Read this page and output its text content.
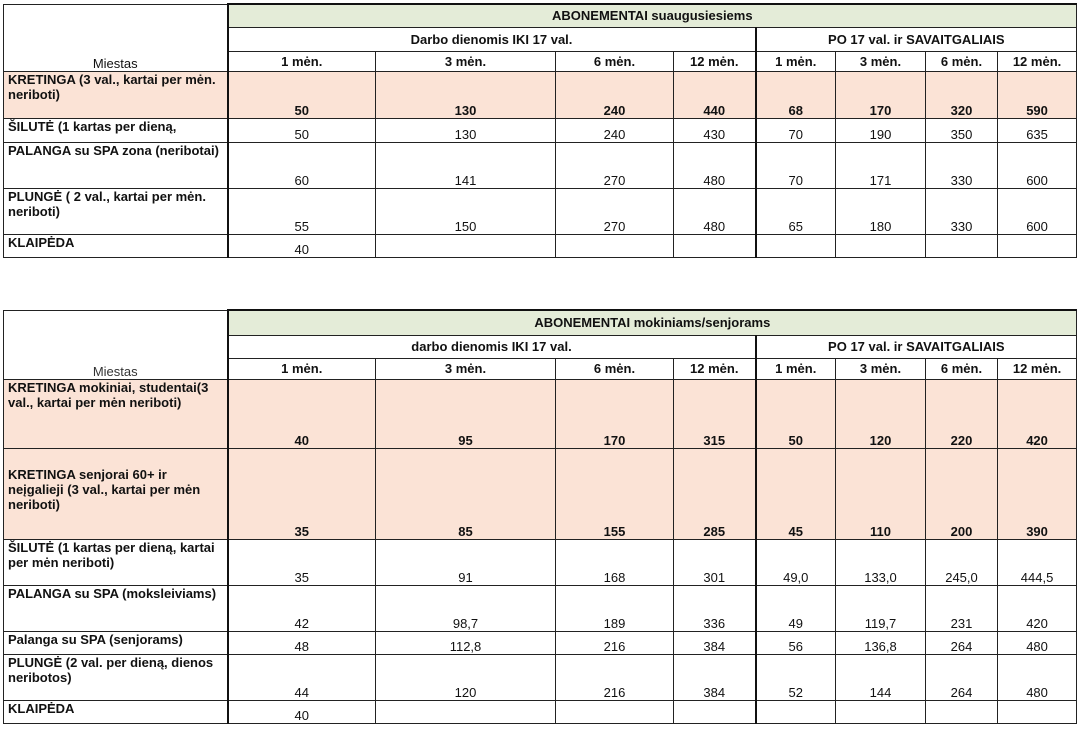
Miestas	ABONEMENTAI suaugusiesiems							
	Darbo dienomis IKI 17 val.				PO 17 val. ir SAVAITGALIAIS			
	1 mėn.	3 mėn.	6 mėn.	12 mėn.	1 mėn.	3 mėn.	6 mėn.	12 mėn.
KRETINGA (3 val., kartai per mėn. neriboti)	50	130	240	440	68	170	320	590
ŠILUTĖ (1 kartas per dieną,	50	130	240	430	70	190	350	635
PALANGA su SPA zona (neribotai)	60	141	270	480	70	171	330	600
PLUNGĖ ( 2 val., kartai per mėn. neriboti)	55	150	270	480	65	180	330	600
KLAIPĖDA	40							
Miestas	ABONEMENTAI mokiniams/senjorams							
	darbo dienomis IKI 17 val.				PO 17 val. ir SAVAITGALIAIS			
	1 mėn.	3 mėn.	6 mėn.	12 mėn.	1 mėn.	3 mėn.	6 mėn.	12 mėn.
KRETINGA mokiniai, studentai(3 val., kartai per mėn neriboti)	40	95	170	315	50	120	220	420
KRETINGA senjorai 60+ ir neįgalieji (3 val., kartai per mėn neriboti)	35	85	155	285	45	110	200	390
ŠILUTĖ (1 kartas per dieną, kartai per mėn neriboti)	35	91	168	301	49,0	133,0	245,0	444,5
PALANGA su SPA (moksleiviams)	42	98,7	189	336	49	119,7	231	420
Palanga su SPA (senjorams)	48	112,8	216	384	56	136,8	264	480
PLUNGĖ (2 val. per dieną, dienos neribotos)	44	120	216	384	52	144	264	480
KLAIPĖDA	40							
